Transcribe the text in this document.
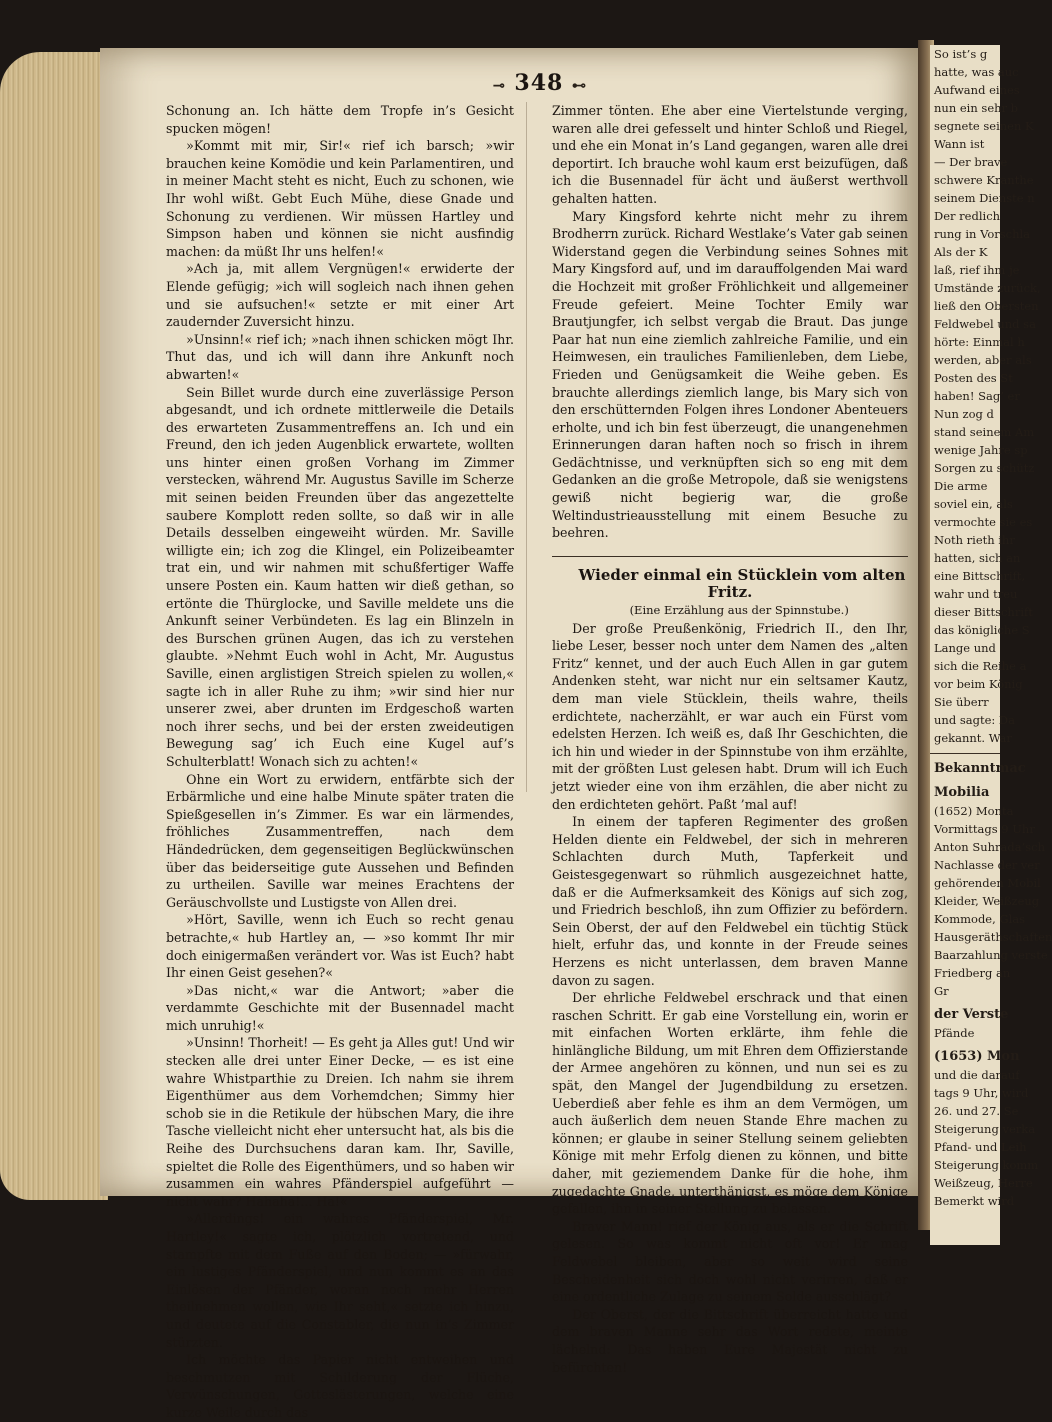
⊸ 348 ⊷

Schonung an. Ich hätte dem Tropfe in’s Gesicht spucken mögen!

»Kommt mit mir, Sir!« rief ich barsch; »wir brauchen keine Komödie und kein Parlamentiren, und in meiner Macht steht es nicht, Euch zu schonen, wie Ihr wohl wißt. Gebt Euch Mühe, diese Gnade und Schonung zu verdienen. Wir müssen Hartley und Simpson haben und können sie nicht ausfindig machen: da müßt Ihr uns helfen!«

»Ach ja, mit allem Vergnügen!« erwiderte der Elende gefügig; »ich will sogleich nach ihnen gehen und sie aufsuchen!« setzte er mit einer Art zaudernder Zuversicht hinzu.

»Unsinn!« rief ich; »nach ihnen schicken mögt Ihr. Thut das, und ich will dann ihre Ankunft noch abwarten!«

Sein Billet wurde durch eine zuverlässige Person abgesandt, und ich ordnete mittlerweile die Details des erwarteten Zusammentreffens an. Ich und ein Freund, den ich jeden Augenblick erwartete, wollten uns hinter einen großen Vorhang im Zimmer verstecken, während Mr. Augustus Saville im Scherze mit seinen beiden Freunden über das angezettelte saubere Komplott reden sollte, so daß wir in alle Details desselben eingeweiht würden. Mr. Saville willigte ein; ich zog die Klingel, ein Polizeibeamter trat ein, und wir nahmen mit schußfertiger Waffe unsere Posten ein. Kaum hatten wir dieß gethan, so ertönte die Thürglocke, und Saville meldete uns die Ankunft seiner Verbündeten. Es lag ein Blinzeln in des Burschen grünen Augen, das ich zu verstehen glaubte. »Nehmt Euch wohl in Acht, Mr. Augustus Saville, einen arglistigen Streich spielen zu wollen,« sagte ich in aller Ruhe zu ihm; »wir sind hier nur unserer zwei, aber drunten im Erdgeschoß warten noch ihrer sechs, und bei der ersten zweideutigen Bewegung sag’ ich Euch eine Kugel auf’s Schulterblatt! Wonach sich zu achten!«

Ohne ein Wort zu erwidern, entfärbte sich der Erbärmliche und eine halbe Minute später traten die Spießgesellen in’s Zimmer. Es war ein lärmendes, fröhliches Zusammentreffen, nach dem Händedrücken, dem gegenseitigen Beglückwünschen über das beiderseitige gute Aussehen und Befinden zu urtheilen. Saville war meines Erachtens der Geräuschvollste und Lustigste von Allen drei.

»Hört, Saville, wenn ich Euch so recht genau betrachte,« hub Hartley an, — »so kommt Ihr mir doch einigermaßen verändert vor. Was ist Euch? habt Ihr einen Geist gesehen?«

»Das nicht,« war die Antwort; »aber die verdammte Geschichte mit der Busennadel macht mich unruhig!«

»Unsinn! Thorheit! — Es geht ja Alles gut! Und wir stecken alle drei unter Einer Decke, — es ist eine wahre Whistparthie zu Dreien. Ich nahm sie ihrem Eigenthümer aus dem Vorhemdchen; Simmy hier schob sie in die Retikule der hübschen Mary, die ihre Tasche vielleicht nicht eher untersucht hat, als bis die Reihe des Durchsuchens daran kam. Ihr, Saville, spieltet die Rolle des Eigenthümers, und so haben wir zusammen ein wahres Pfänderspiel aufgeführt — nicht wahr? Hahaha!... Ha!«

»Allerdings! ein wahres Pfänderspiel, Mr. Hartley!« sagte ich, plötzlich vortretend, und stampfte mit dem Fuße auf den Boden; — »fürwahr, ein lustiges Pfänderspiel, und nun kommt es an das Einlösen der Pfänder, woran noch mehr Herren theilnehmen wollen, wie Ihr seht,« setzte ich hinzu, und deutete auf die Constabler, die nun in’s Zimmer stürzten.

Ich möchte das Papier nicht entweihen und beschmutzen mit Schilderung der Flüche, Verwünschungen, Gotteslästerungen, welche eine kurze Weile durch das

Zimmer tönten. Ehe aber eine Viertelstunde verging, waren alle drei gefesselt und hinter Schloß und Riegel, und ehe ein Monat in’s Land gegangen, waren alle drei deportirt. Ich brauche wohl kaum erst beizufügen, daß ich die Busennadel für ächt und äußerst werthvoll gehalten hatten.

Mary Kingsford kehrte nicht mehr zu ihrem Brodherrn zurück. Richard Westlake’s Vater gab seinen Widerstand gegen die Verbindung seines Sohnes mit Mary Kingsford auf, und im darauffolgenden Mai ward die Hochzeit mit großer Fröhlichkeit und allgemeiner Freude gefeiert. Meine Tochter Emily war Brautjungfer, ich selbst vergab die Braut. Das junge Paar hat nun eine ziemlich zahlreiche Familie, und ein Heimwesen, ein trauliches Familienleben, dem Liebe, Frieden und Genügsamkeit die Weihe geben. Es brauchte allerdings ziemlich lange, bis Mary sich von den erschütternden Folgen ihres Londoner Abenteuers erholte, und ich bin fest überzeugt, die unangenehmen Erinnerungen daran haften noch so frisch in ihrem Gedächtnisse, und verknüpften sich so eng mit dem Gedanken an die große Metropole, daß sie wenigstens gewiß nicht begierig war, die große Weltindustrieausstellung mit einem Besuche zu beehren.

Wieder einmal ein Stücklein vom alten Fritz.

(Eine Erzählung aus der Spinnstube.)

Der große Preußenkönig, Friedrich II., den Ihr, liebe Leser, besser noch unter dem Namen des „alten Fritz“ kennet, und der auch Euch Allen in gar gutem Andenken steht, war nicht nur ein seltsamer Kautz, dem man viele Stücklein, theils wahre, theils erdichtete, nacherzählt, er war auch ein Fürst vom edelsten Herzen. Ich weiß es, daß Ihr Geschichten, die ich hin und wieder in der Spinnstube von ihm erzählte, mit der größten Lust gelesen habt. Drum will ich Euch jetzt wieder eine von ihm erzählen, die aber nicht zu den erdichteten gehört. Paßt ’mal auf!

In einem der tapferen Regimenter des großen Helden diente ein Feldwebel, der sich in mehreren Schlachten durch Muth, Tapferkeit und Geistesgegenwart so rühmlich ausgezeichnet hatte, daß er die Aufmerksamkeit des Königs auf sich zog, und Friedrich beschloß, ihn zum Offizier zu befördern. Sein Oberst, der auf den Feldwebel ein tüchtig Stück hielt, erfuhr das, und konnte in der Freude seines Herzens es nicht unterlassen, dem braven Manne davon zu sagen.

Der ehrliche Feldwebel erschrack und that einen raschen Schritt. Er gab eine Vorstellung ein, worin er mit einfachen Worten erklärte, ihm fehle die hinlängliche Bildung, um mit Ehren dem Offizierstande der Armee angehören zu können, und nun sei es zu spät, den Mangel der Jugendbildung zu ersetzen. Ueberdieß aber fehle es ihm an dem Vermögen, um auch äußerlich dem neuen Stande Ehre machen zu können; er glaube in seiner Stellung seinem geliebten Könige mit mehr Erfolg dienen zu können, und bitte daher, mit geziemendem Danke für die hohe, ihm zugedachte Gnade, unterthänigst, es möge dem Könige gefallen, ihn in seiner Stellung zu belassen.

Braver Mann! rief der König aus, als er die Schrift gelesen. So was kommt nicht oft vor! Er mag Feldwebel bleiben, aber so weit wird seine Bescheidenheit sich doch wohl nicht verirren, daß er eine ordentliche Zulage zu seinem Solde ausschlägt?

Der Oberst, der die Bittschrift überreicht hatte und dem braven Manne sehr das Wort redete, meinte lächelnd: Das haben Eure Majestät nicht zu befürchten!

So ist’s g
hatte, was auc
Aufwand eines
nun ein sehr b
segnete seinen K
Wann ist
— Der brave
schwere Kranthe
seinem Dienste n
Der redlich
rung in Vorschla
Als der K
laß, rief ihm je
Umstände zurück,
ließ den Obersten
Feldwebel und sa
hörte: Einmal h
werden, aber als
Posten des St
haben! Sag’ er
Nun zog d
stand seinem Am
wenige Jahre sp
Sorgen zu schütz
Die arme
soviel ein, als
vermochte sie es
Noth rieth ihr
hatten, sich an
eine Bittschrift,
wahr und treu
dieser Bittschrift
das königliche S
Lange und
sich die Reihe a
vor beim König
Sie überr
und sagte: Da
gekannt. War
Bekanntmac
Mobilia
(1652) Monta
Vormittags 9 Uhr
Anton Suhrada’sch
Nachlasse der ver
gehörenden Mobil
Kleider, Weißzeug
Kommode, Glas
Hausgeräthschaften
Baarzahlung verste
Friedberg an
Gr
der Verste
Pfände
(1653) Mon
und die darauf
tags 9 Uhr, wird
26. und 27. Se
Steigerung verka
Pfand- und Leih
Steigerung komm
Weißzeug, Herre
Bemerkt wird
